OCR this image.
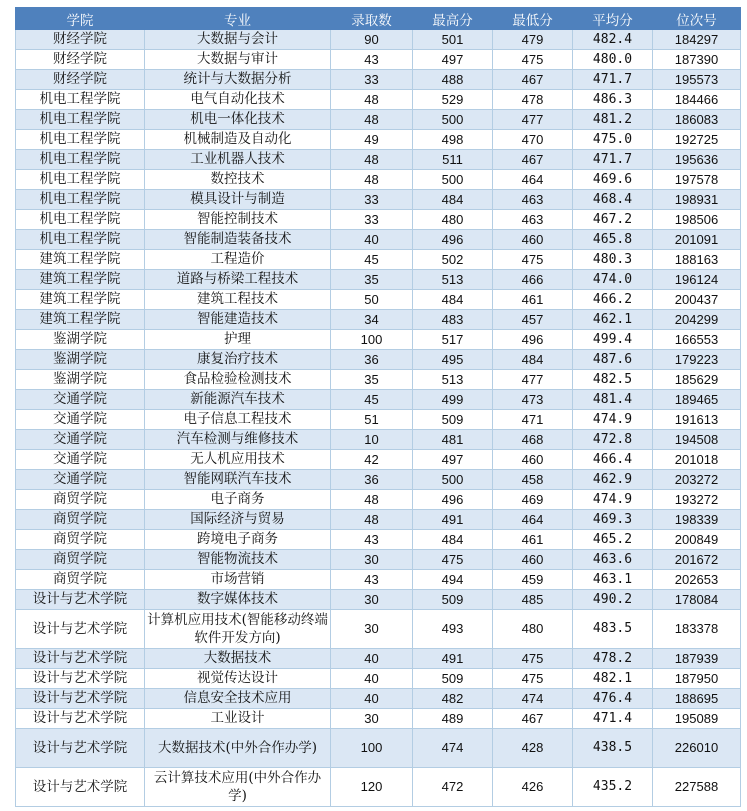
学院	专业	录取数	最高分	最低分	平均分	位次号
财经学院	大数据与会计	90	501	479	482.4	184297
财经学院	大数据与审计	43	497	475	480.0	187390
财经学院	统计与大数据分析	33	488	467	471.7	195573
机电工程学院	电气自动化技术	48	529	478	486.3	184466
机电工程学院	机电一体化技术	48	500	477	481.2	186083
机电工程学院	机械制造及自动化	49	498	470	475.0	192725
机电工程学院	工业机器人技术	48	511	467	471.7	195636
机电工程学院	数控技术	48	500	464	469.6	197578
机电工程学院	模具设计与制造	33	484	463	468.4	198931
机电工程学院	智能控制技术	33	480	463	467.2	198506
机电工程学院	智能制造装备技术	40	496	460	465.8	201091
建筑工程学院	工程造价	45	502	475	480.3	188163
建筑工程学院	道路与桥梁工程技术	35	513	466	474.0	196124
建筑工程学院	建筑工程技术	50	484	461	466.2	200437
建筑工程学院	智能建造技术	34	483	457	462.1	204299
鉴湖学院	护理	100	517	496	499.4	166553
鉴湖学院	康复治疗技术	36	495	484	487.6	179223
鉴湖学院	食品检验检测技术	35	513	477	482.5	185629
交通学院	新能源汽车技术	45	499	473	481.4	189465
交通学院	电子信息工程技术	51	509	471	474.9	191613
交通学院	汽车检测与维修技术	10	481	468	472.8	194508
交通学院	无人机应用技术	42	497	460	466.4	201018
交通学院	智能网联汽车技术	36	500	458	462.9	203272
商贸学院	电子商务	48	496	469	474.9	193272
商贸学院	国际经济与贸易	48	491	464	469.3	198339
商贸学院	跨境电子商务	43	484	461	465.2	200849
商贸学院	智能物流技术	30	475	460	463.6	201672
商贸学院	市场营销	43	494	459	463.1	202653
设计与艺术学院	数字媒体技术	30	509	485	490.2	178084
设计与艺术学院	计算机应用技术(智能移动终端软件开发方向)	30	493	480	483.5	183378
设计与艺术学院	大数据技术	40	491	475	478.2	187939
设计与艺术学院	视觉传达设计	40	509	475	482.1	187950
设计与艺术学院	信息安全技术应用	40	482	474	476.4	188695
设计与艺术学院	工业设计	30	489	467	471.4	195089
设计与艺术学院	大数据技术(中外合作办学)	100	474	428	438.5	226010
设计与艺术学院	云计算技术应用(中外合作办学)	120	472	426	435.2	227588
